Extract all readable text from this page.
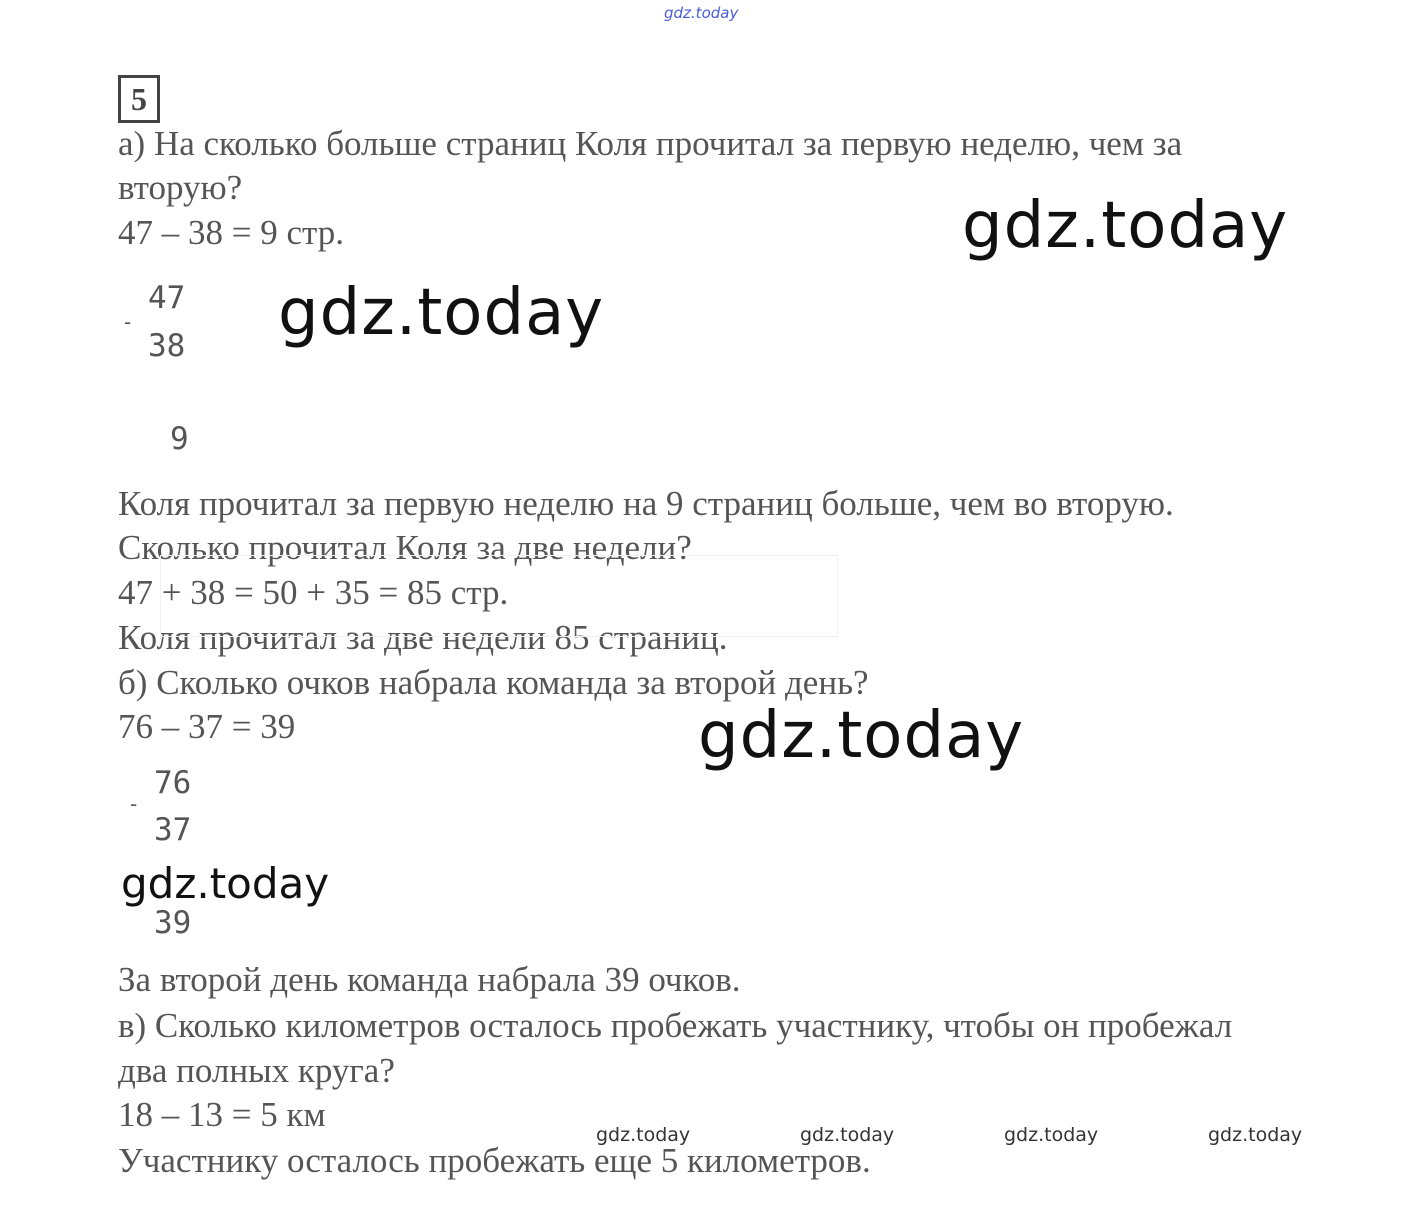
gdz.today
5
а) На сколько больше страниц Коля прочитал за первую неделю, чем за
вторую?
47 – 38 = 9 стр.
-
47
38
9
Коля прочитал за первую неделю на 9 страниц больше, чем во вторую.
Сколько прочитал Коля за две недели?
47 + 38 = 50 + 35 = 85 стр.
Коля прочитал за две недели 85 страниц.
б) Сколько очков набрала команда за второй день?
76 – 37 = 39
-
76
37
39
За второй день команда набрала 39 очков.
в) Сколько километров осталось пробежать участнику, чтобы он пробежал
два полных круга?
18 – 13 = 5 км
Участнику осталось пробежать еще 5 километров.
gdz.today
gdz.today
gdz.today
gdz.today
gdz.today	gdz.today	gdz.today	gdz.today
